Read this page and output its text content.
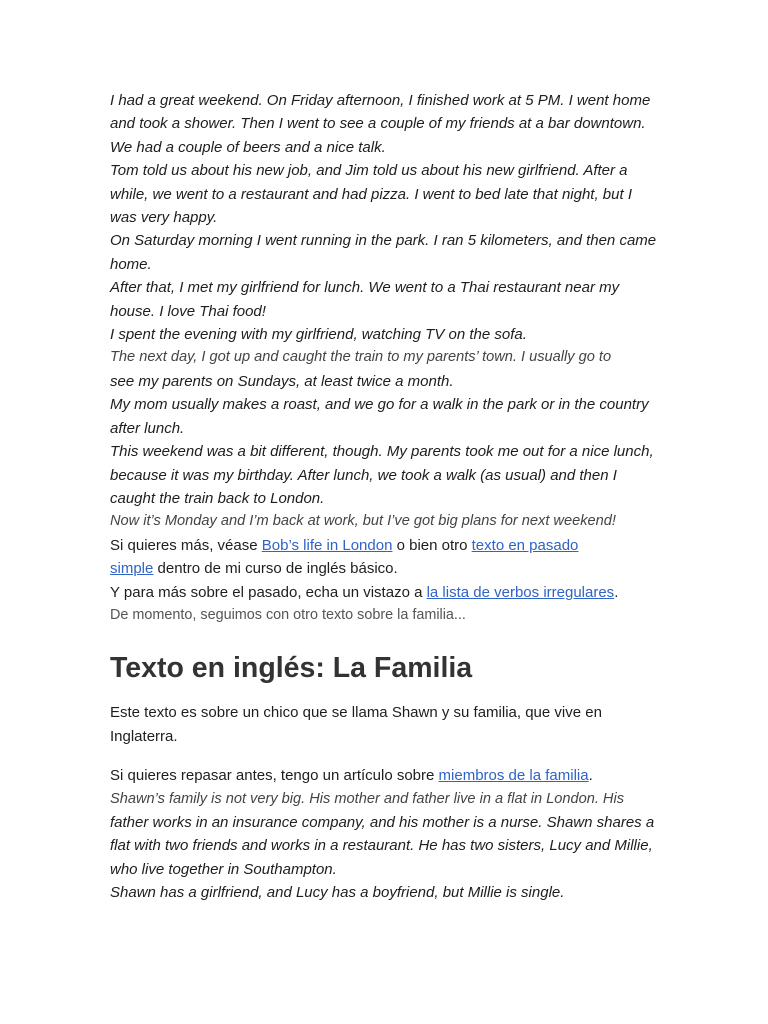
I had a great weekend. On Friday afternoon, I finished work at 5 PM. I went home and took a shower. Then I went to see a couple of my friends at a bar downtown.

We had a couple of beers and a nice talk.

Tom told us about his new job, and Jim told us about his new girlfriend. After a while, we went to a restaurant and had pizza. I went to bed late that night, but I was very happy.

On Saturday morning I went running in the park. I ran 5 kilometers, and then came home.

After that, I met my girlfriend for lunch. We went to a Thai restaurant near my house. I love Thai food!

I spent the evening with my girlfriend, watching TV on the sofa.

The next day, I got up and caught the train to my parents’ town. I usually go to

see my parents on Sundays, at least twice a month.

My mom usually makes a roast, and we go for a walk in the park or in the country after lunch.

This weekend was a bit different, though. My parents took me out for a nice lunch, because it was my birthday. After lunch, we took a walk (as usual) and then I caught the train back to London.

Now it’s Monday and I’m back at work, but I’ve got big plans for next weekend!

Si quieres más, véase Bob’s life in London o bien otro texto en pasado
simple dentro de mi curso de inglés básico.

Y para más sobre el pasado, echa un vistazo a la lista de verbos irregulares.

De momento, seguimos con otro texto sobre la familia...

Texto en inglés: La Familia

Este texto es sobre un chico que se llama Shawn y su familia, que vive en Inglaterra.

Si quieres repasar antes, tengo un artículo sobre miembros de la familia.

Shawn’s family is not very big. His mother and father live in a flat in London. His

father works in an insurance company, and his mother is a nurse. Shawn shares a flat with two friends and works in a restaurant. He has two sisters, Lucy and Millie, who live together in Southampton.

Shawn has a girlfriend, and Lucy has a boyfriend, but Millie is single.
